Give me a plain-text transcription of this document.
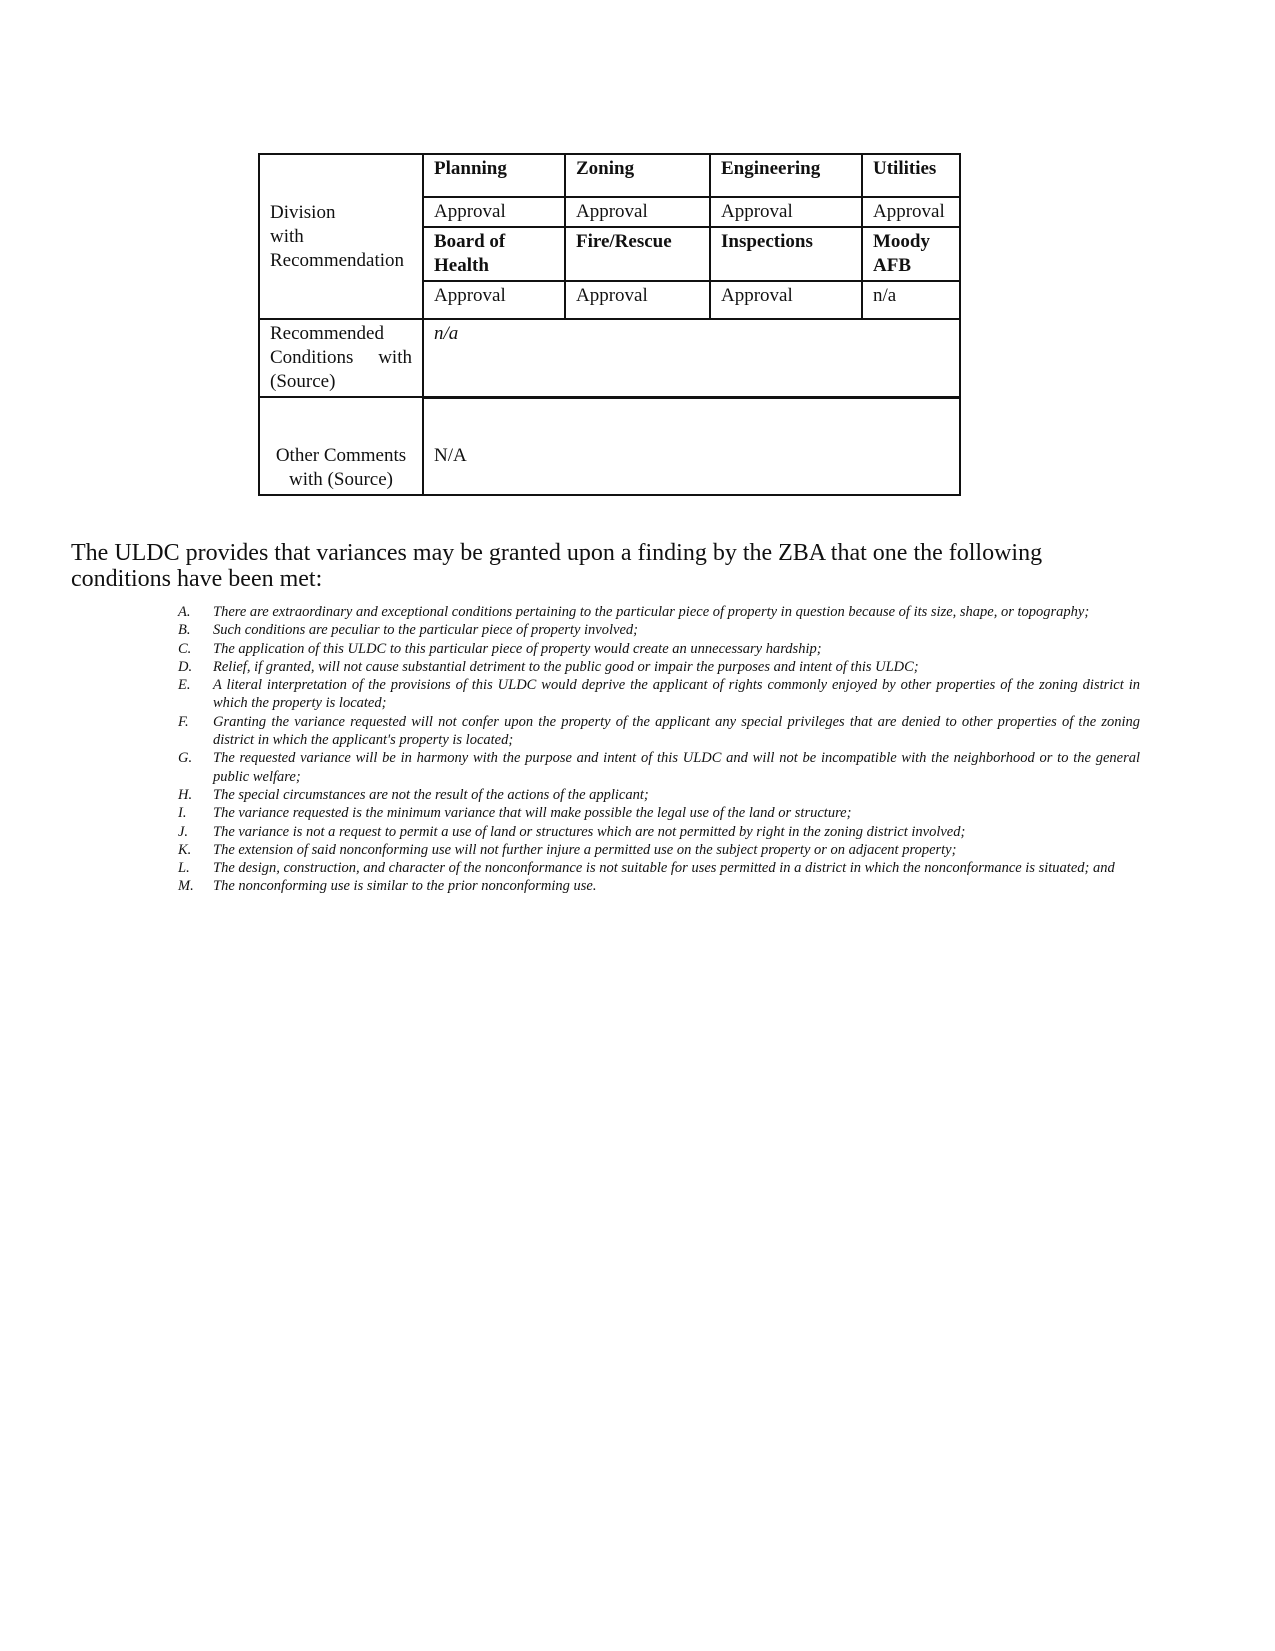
Division
with
Recommendation	Planning	Zoning	Engineering	Utilities
	Approval	Approval	Approval	Approval
	Board of Health	Fire/Rescue	Inspections	Moody AFB
	Approval	Approval	Approval	n/a

Recommended
Conditions with
(Source)	n/a			

Other Comments
with (Source)	N/A			

The ULDC provides that variances may be granted upon a finding by the ZBA that one the following conditions have been met:

A.	There are extraordinary and exceptional conditions pertaining to the particular piece of property in question because of its size, shape, or topography;
B.	Such conditions are peculiar to the particular piece of property involved;
C.	The application of this ULDC to this particular piece of property would create an unnecessary hardship;
D.	Relief, if granted, will not cause substantial detriment to the public good or impair the purposes and intent of this ULDC;
E.	A literal interpretation of the provisions of this ULDC would deprive the applicant of rights commonly enjoyed by other properties of the zoning district in which the property is located;
F.	Granting the variance requested will not confer upon the property of the applicant any special privileges that are denied to other properties of the zoning district in which the applicant's property is located;
G.	The requested variance will be in harmony with the purpose and intent of this ULDC and will not be incompatible with the neighborhood or to the general public welfare;
H.	The special circumstances are not the result of the actions of the applicant;
I.	The variance requested is the minimum variance that will make possible the legal use of the land or structure;
J.	The variance is not a request to permit a use of land or structures which are not permitted by right in the zoning district involved;
K.	The extension of said nonconforming use will not further injure a permitted use on the subject property or on adjacent property;
L.	The design, construction, and character of the nonconformance is not suitable for uses permitted in a district in which the nonconformance is situated; and
M.	The nonconforming use is similar to the prior nonconforming use.
